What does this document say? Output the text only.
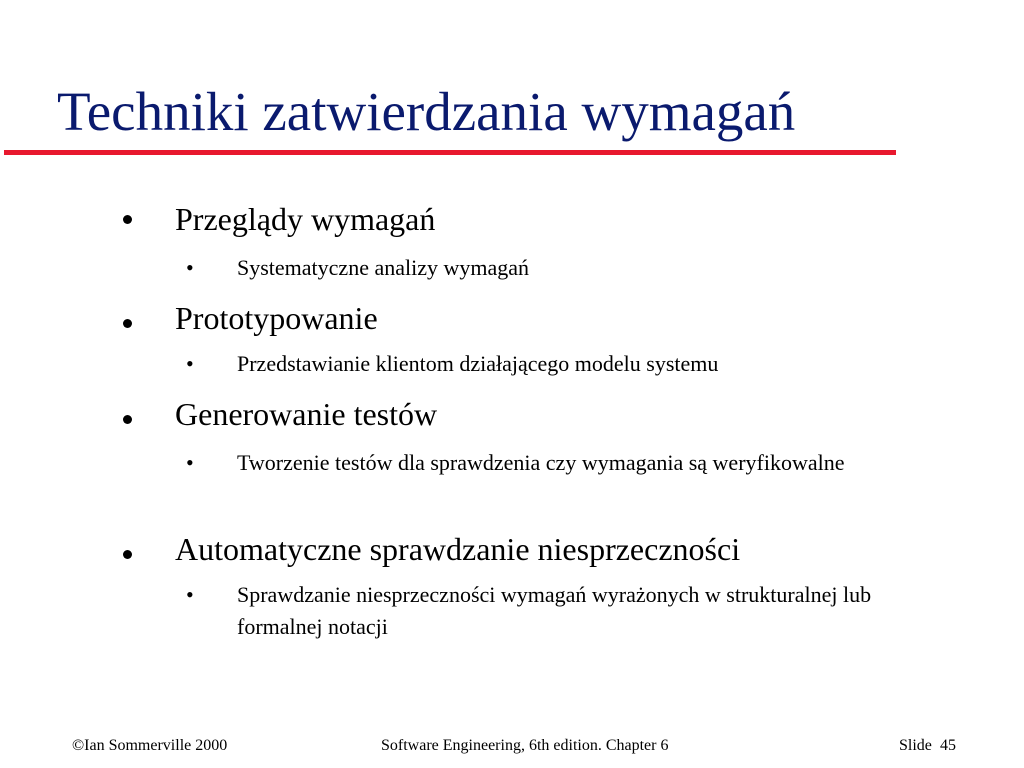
Techniki zatwierdzania wymagań
Przeglądy wymagań
• Systematyczne analizy wymagań
Prototypowanie
• Przedstawianie klientom działającego modelu systemu
Generowanie testów
• Tworzenie testów dla sprawdzenia czy wymagania są weryfikowalne
Automatyczne sprawdzanie niesprzeczności
• Sprawdzanie niesprzeczności wymagań wyrażonych w strukturalnej lub formalnej notacji
©Ian Sommerville 2000	Software Engineering, 6th edition. Chapter 6	Slide 45
